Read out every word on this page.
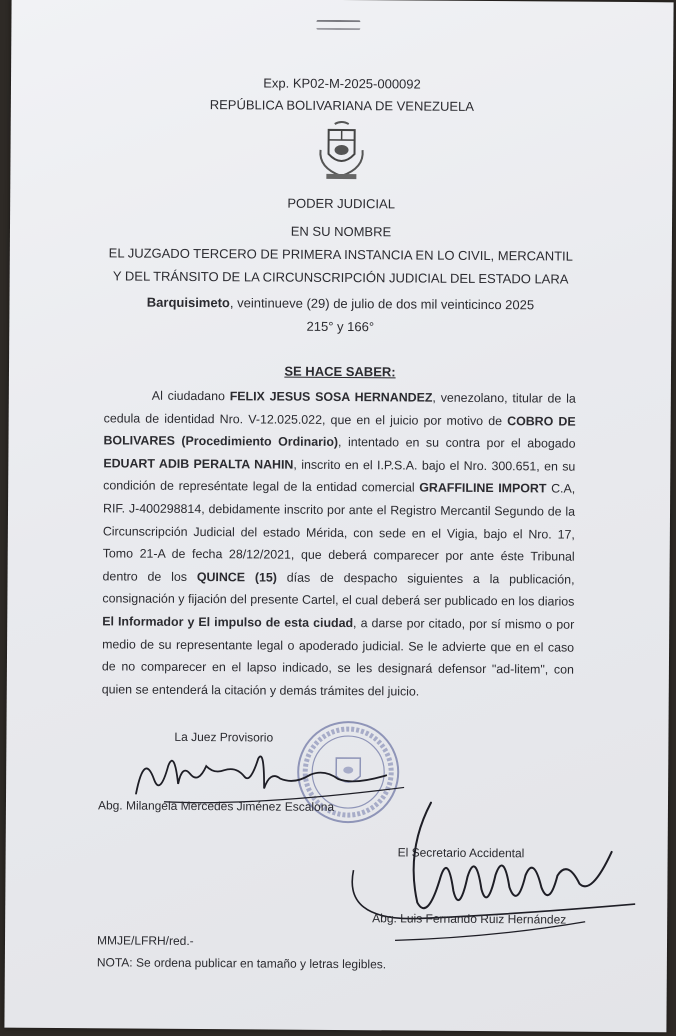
Exp. KP02-M-2025-000092
REPÚBLICA BOLIVARIANA DE VENEZUELA
PODER JUDICIAL
EN SU NOMBRE
EL JUZGADO TERCERO DE PRIMERA INSTANCIA EN LO CIVIL, MERCANTIL
Y DEL TRÁNSITO DE LA CIRCUNSCRIPCIÓN JUDICIAL DEL ESTADO LARA
Barquisimeto, veintinueve (29) de julio de dos mil veinticinco 2025
215° y 166°
SE HACE SABER:
Al ciudadano FELIX JESUS SOSA HERNANDEZ, venezolano, titular de la cedula de identidad Nro. V-12.025.022, que en el juicio por motivo de COBRO DE BOLIVARES (Procedimiento Ordinario), intentado en su contra por el abogado EDUART ADIB PERALTA NAHIN, inscrito en el I.P.S.A. bajo el Nro. 300.651, en su condición de represéntate legal de la entidad comercial GRAFFILINE IMPORT C.A, RIF. J-400298814, debidamente inscrito por ante el Registro Mercantil Segundo de la Circunscripción Judicial del estado Mérida, con sede en el Vigia, bajo el Nro. 17, Tomo 21-A de fecha 28/12/2021, que deberá comparecer por ante éste Tribunal dentro de los QUINCE (15) días de despacho siguientes a la publicación, consignación y fijación del presente Cartel, el cual deberá ser publicado en los diarios El Informador y El impulso de esta ciudad, a darse por citado, por sí mismo o por medio de su representante legal o apoderado judicial. Se le advierte que en el caso de no comparecer en el lapso indicado, se les designará defensor "ad-litem", con quien se entenderá la citación y demás trámites del juicio.
La Juez Provisorio
Abg. Milangela Mercedes Jiménez Escalona
El Secretario Accidental
Abg. Luis Fernando Ruiz Hernández
MMJE/LFRH/red.-
NOTA: Se ordena publicar en tamaño y letras legibles.
